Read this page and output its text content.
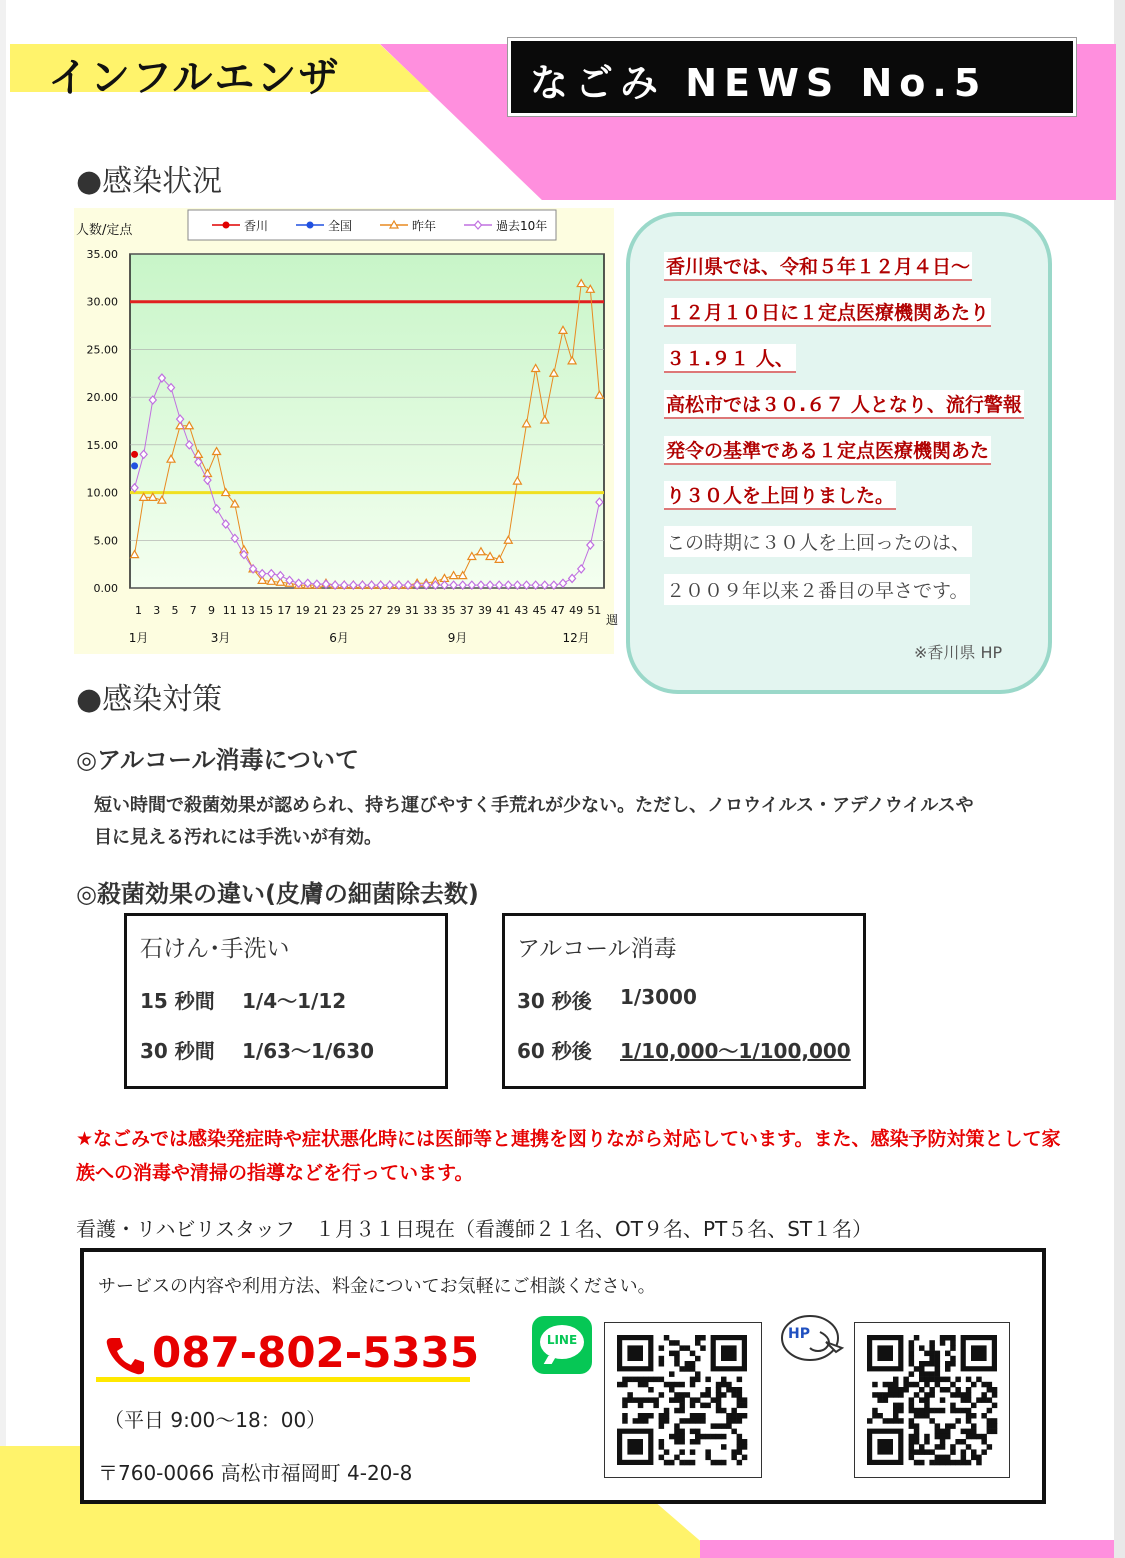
インフルエンザ	なごみ NEWS No.5
●感染状況
35.00
30.00
25.00
20.00
15.00
10.00
5.00
0.00
1 3 5 7 9 11 13 15 17 19 21 23 25 27 29 31 33 35 37 39 41 43 45 47 49 51
週
1月	3月	6月	9月	12月
人数/定点	香川	全国	昨年	過去10年
香川県では、令和５年１２月４日～
１２月１０日に１定点医療機関あたり
３１.９１ 人、
高松市では３０.６７ 人となり、流行警報
発令の基準である１定点医療機関あた
り３０人を上回りました。
この時期に３０人を上回ったのは、
２００９年以来２番目の早さです。
※香川県 HP
●感染対策
◎アルコール消毒について
短い時間で殺菌効果が認められ、持ち運びやすく手荒れが少ない。ただし、ノロウイルス・アデノウイルスや
目に見える汚れには手洗いが有効。
◎殺菌効果の違い(皮膚の細菌除去数)
石けん･手洗い
15 秒間 1/4～1/12
30 秒間 1/63～1/630
アルコール消毒
30 秒後 1/3000
60 秒後 1/10,000～1/100,000
★なごみでは感染発症時や症状悪化時には医師等と連携を図りながら対応しています。また、感染予防対策として家族への消毒や清掃の指導などを行っています。
看護・リハビリスタッフ　１月３１日現在（看護師２１名、OT９名、PT５名、ST１名）
サービスの内容や利用方法、料金についてお気軽にご相談ください。
087-802-5335
（平日 9:00～18：00）
〒760-0066 高松市福岡町 4-20-8
LINE	HP
